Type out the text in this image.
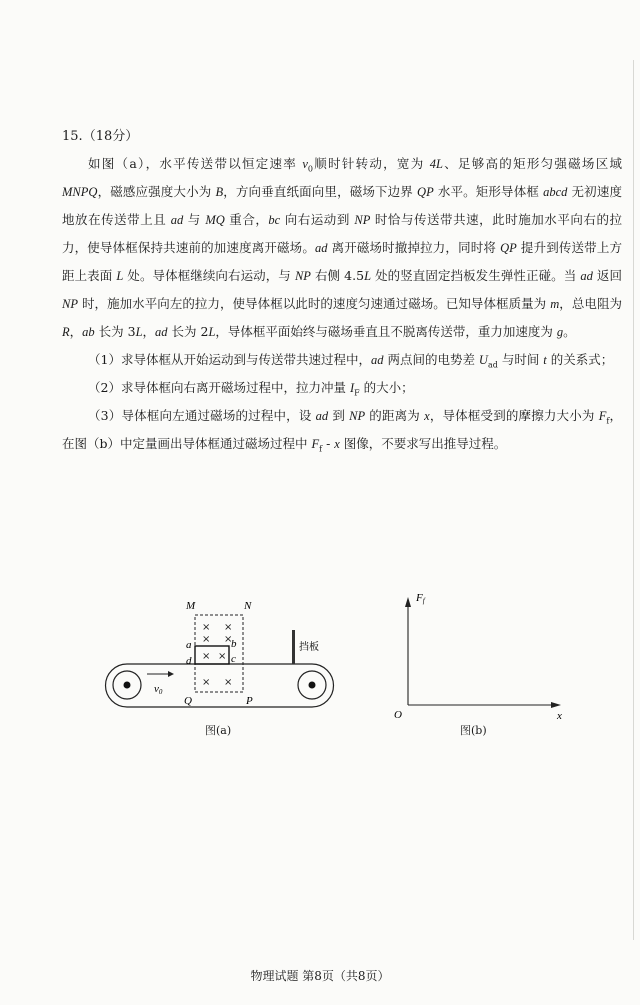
15.（18分）

如图（a），水平传送带以恒定速率 $v_0$顺时针转动，宽为 4L、足够高的矩形匀强磁场区域 MNPQ，磁感应强度大小为 B，方向垂直纸面向里，磁场下边界 QP 水平。矩形导体框 abcd 无初速度地放在传送带上且 ad 与 MQ 重合，bc 向右运动到 NP 时恰与传送带共速，此时施加水平向右的拉力，使导体框保持共速前的加速度离开磁场。ad 离开磁场时撤掉拉力，同时将 QP 提升到传送带上方距上表面 L 处。导体框继续向右运动，与 NP 右侧 4.5L 处的竖直固定挡板发生弹性正碰。当 ad 返回 NP 时，施加水平向左的拉力，使导体框以此时的速度匀速通过磁场。已知导体框质量为 m，总电阻为 R，ab 长为 3L，ad 长为 2L，导体框平面始终与磁场垂直且不脱离传送带，重力加速度为 g。

（1）求导体框从开始运动到与传送带共速过程中，ad 两点间的电势差 $U_{ad}$ 与时间 t 的关系式；

（2）求导体框向右离开磁场过程中，拉力冲量 $I_F$ 的大小；

（3）导体框向左通过磁场的过程中，设 ad 到 NP 的距离为 x，导体框受到的摩擦力大小为 $F_f$，在图（b）中定量画出导体框通过磁场过程中 $F_f$ - x 图像，不要求写出推导过程。

v0
M	N
Q	P
× ×
× ×
× ×
× ×
a	b
c
d
挡板
图(a)
Ff
x
O
图(b)
物理试题 第8页（共8页）
